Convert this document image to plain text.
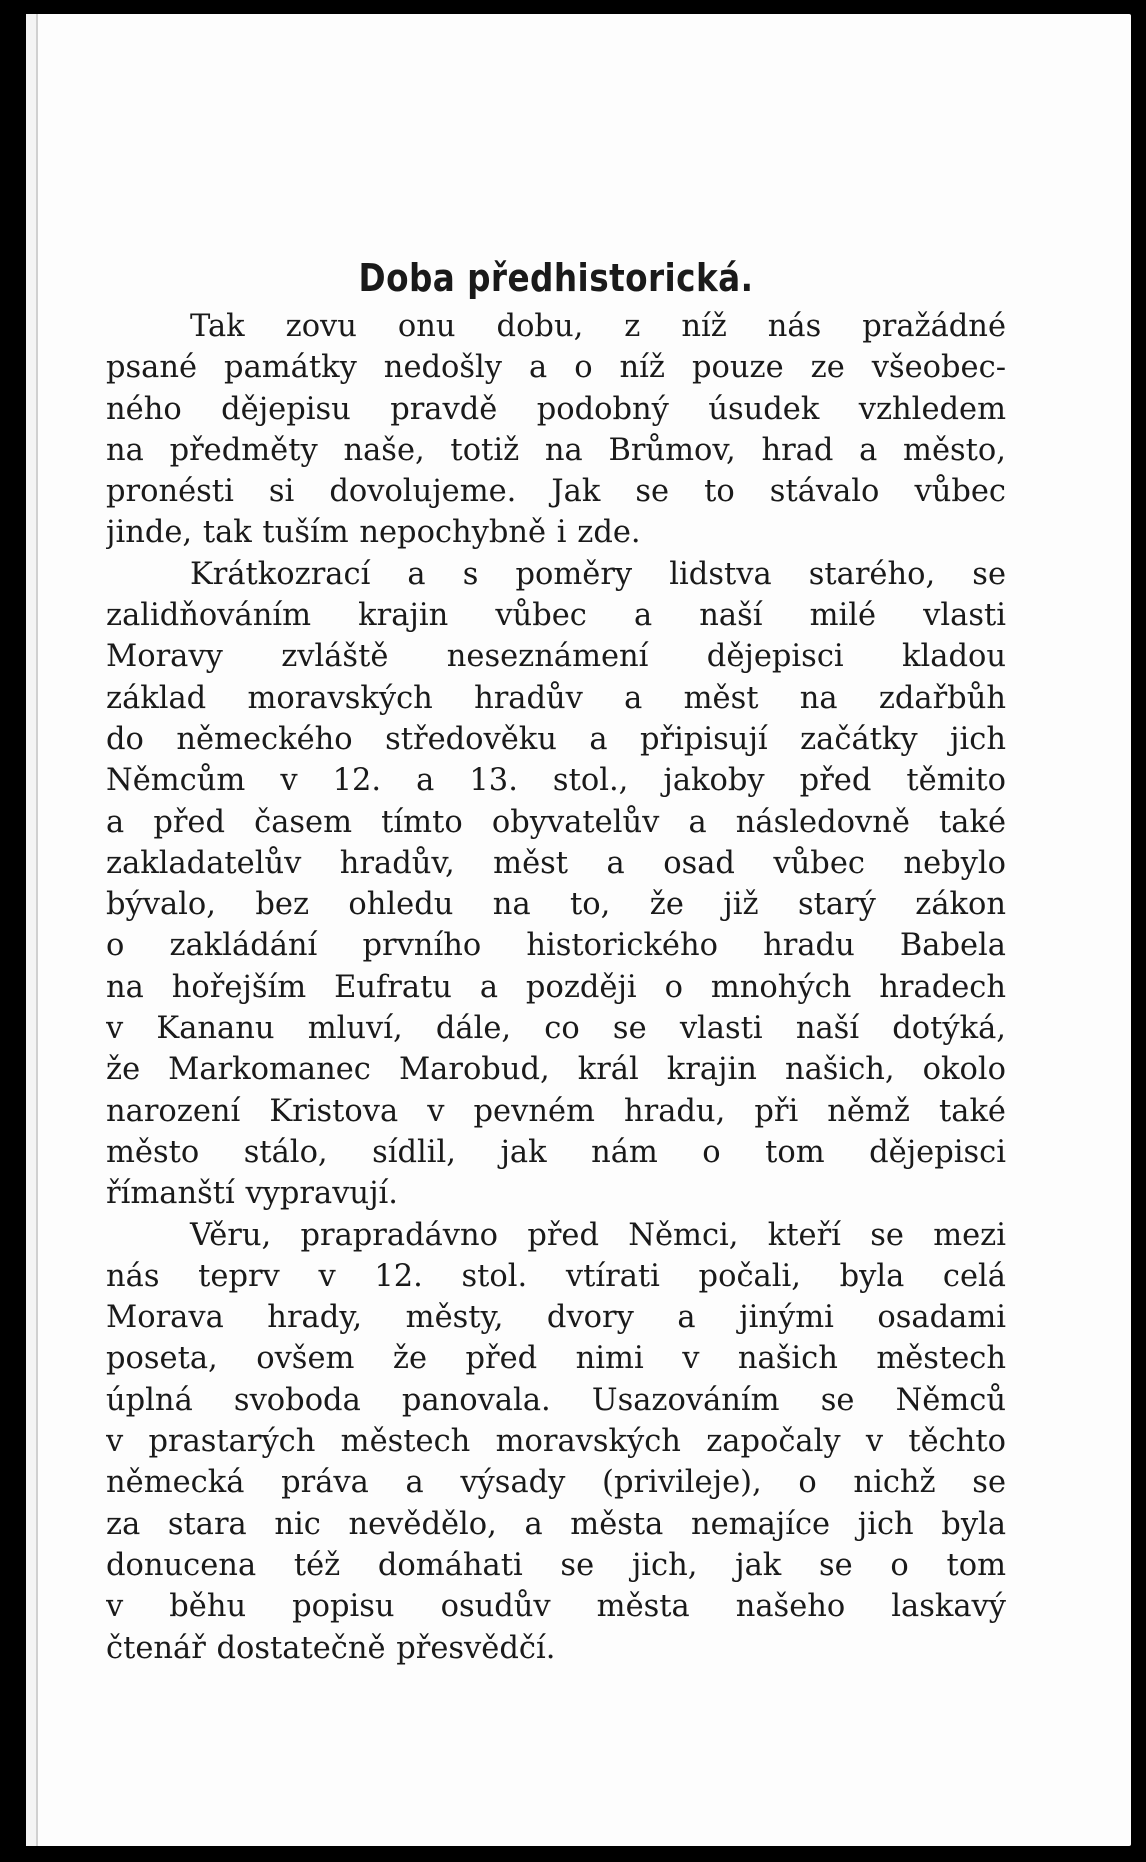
Doba předhistorická.
Tak zovu onu dobu, z níž nás pražádné
psané památky nedošly a o níž pouze ze všeobec-
ného dějepisu pravdě podobný úsudek vzhledem
na předměty naše, totiž na Brůmov, hrad a město,
pronésti si dovolujeme. Jak se to stávalo vůbec
jinde, tak tuším nepochybně i zde.
Krátkozrací a s poměry lidstva starého, se
zalidňováním krajin vůbec a naší milé vlasti
Moravy zvláště neseznámení dějepisci kladou
základ moravských hradův a měst na zdařbůh
do německého středověku a připisují začátky jich
Němcům v 12. a 13. stol., jakoby před těmito
a před časem tímto obyvatelův a následovně také
zakladatelův hradův, měst a osad vůbec nebylo
bývalo, bez ohledu na to, že již starý zákon
o zakládání prvního historického hradu Babela
na hořejším Eufratu a později o mnohých hradech
v Kananu mluví, dále, co se vlasti naší dotýká,
že Markomanec Marobud, král krajin našich, okolo
narození Kristova v pevném hradu, při němž také
město stálo, sídlil, jak nám o tom dějepisci
římanští vypravují.
Věru, prapradávno před Němci, kteří se mezi
nás teprv v 12. stol. vtírati počali, byla celá
Morava hrady, městy, dvory a jinými osadami
poseta, ovšem že před nimi v našich městech
úplná svoboda panovala. Usazováním se Němců
v prastarých městech moravských započaly v těchto
německá práva a výsady (privileje), o nichž se
za stara nic nevědělo, a města nemajíce jich byla
donucena též domáhati se jich, jak se o tom
v běhu popisu osudův města našeho laskavý
čtenář dostatečně přesvědčí.
